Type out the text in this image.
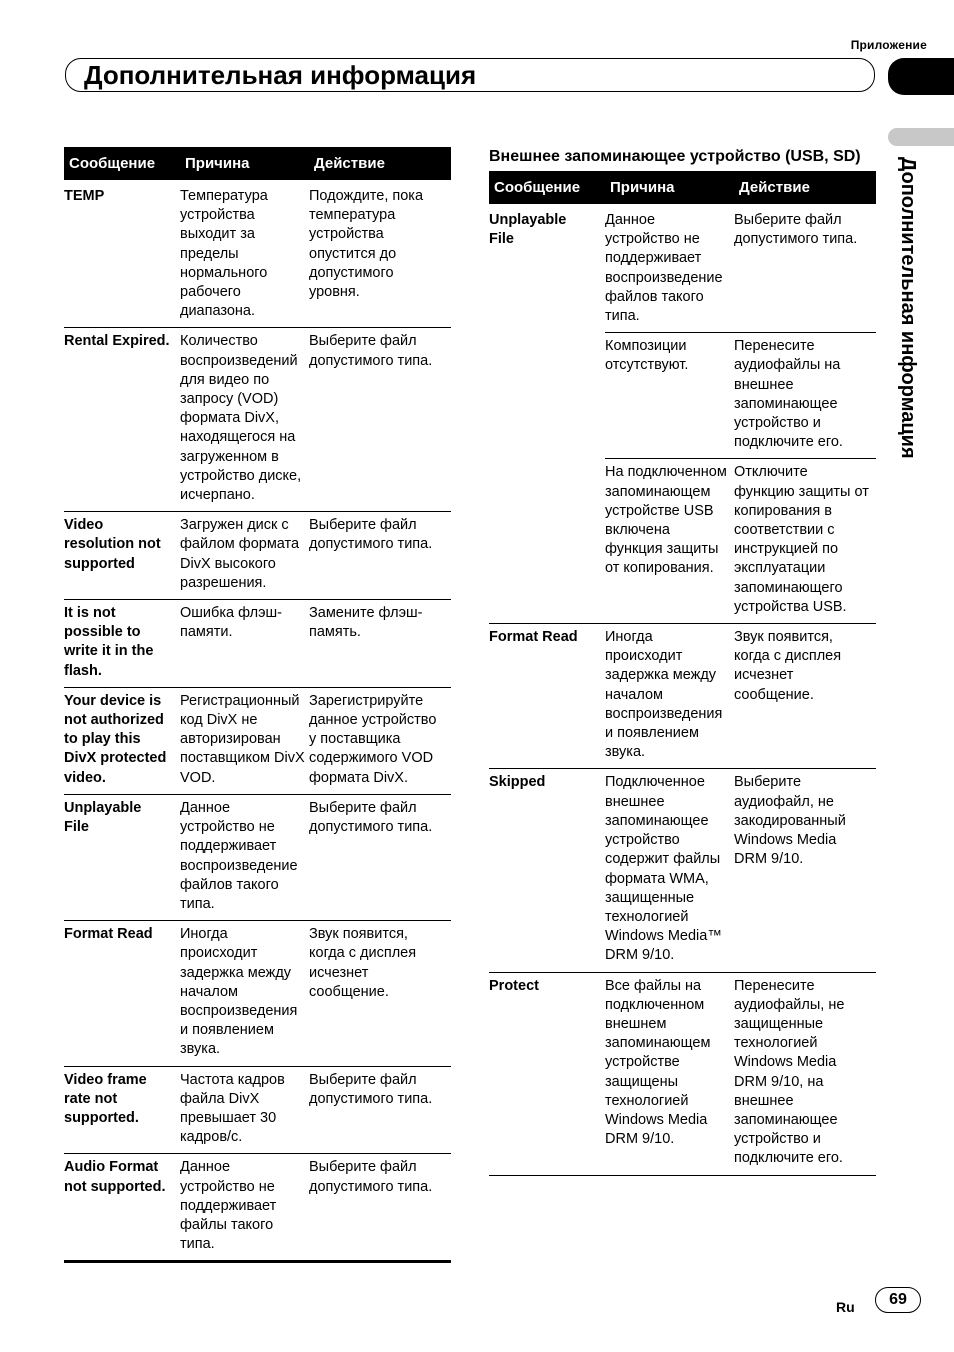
Приложение
Дополнительная информация
Дополнительная информация
Сообщение	Причина	Действие
TEMP	Температура устройства выходит за пределы нормального рабочего диапазона.	Подождите, пока температура устройства опустится до допустимого уровня.
Rental Expired.	Количество воспроизведений для видео по запросу (VOD) формата DivX, находящегося на загруженном в устройство диске, исчерпано.	Выберите файл допустимого типа.
Video resolution not supported	Загружен диск с файлом формата DivX высокого разрешения.	Выберите файл допустимого типа.
It is not possible to write it in the flash.	Ошибка флэш-памяти.	Замените флэш-память.
Your device is not authorized to play this DivX protected video.	Регистрационный код DivX не авторизирован поставщиком DivX VOD.	Зарегистрируйте данное устройство у поставщика содержимого VOD формата DivX.
Unplayable File	Данное устройство не поддерживает воспроизведение файлов такого типа.	Выберите файл допустимого типа.
Format Read	Иногда происходит задержка между началом воспроизведения и появлением звука.	Звук появится, когда с дисплея исчезнет сообщение.
Video frame rate not supported.	Частота кадров файла DivX превышает 30 кадров/с.	Выберите файл допустимого типа.
Audio Format not supported.	Данное устройство не поддерживает файлы такого типа.	Выберите файл допустимого типа.
Внешнее запоминающее устройство (USB, SD)
Сообщение	Причина	Действие
Unplayable File	Данное устройство не поддерживает воспроизведение файлов такого типа.	Выберите файл допустимого типа.
	Композиции отсутствуют.	Перенесите аудиофайлы на внешнее запоминающее устройство и подключите его.
	На подключенном запоминающем устройстве USB включена функция защиты от копирования.	Отключите функцию защиты от копирования в соответствии с инструкцией по эксплуатации запоминающего устройства USB.
Format Read	Иногда происходит задержка между началом воспроизведения и появлением звука.	Звук появится, когда с дисплея исчезнет сообщение.
Skipped	Подключенное внешнее запоминающее устройство содержит файлы формата WMA, защищенные технологией Windows Media™ DRM 9/10.	Выберите аудиофайл, не закодированный Windows Media DRM 9/10.
Protect	Все файлы на подключенном внешнем запоминающем устройстве защищены технологией Windows Media DRM 9/10.	Перенесите аудиофайлы, не защищенные технологией Windows Media DRM 9/10, на внешнее запоминающее устройство и подключите его.
Ru	69
